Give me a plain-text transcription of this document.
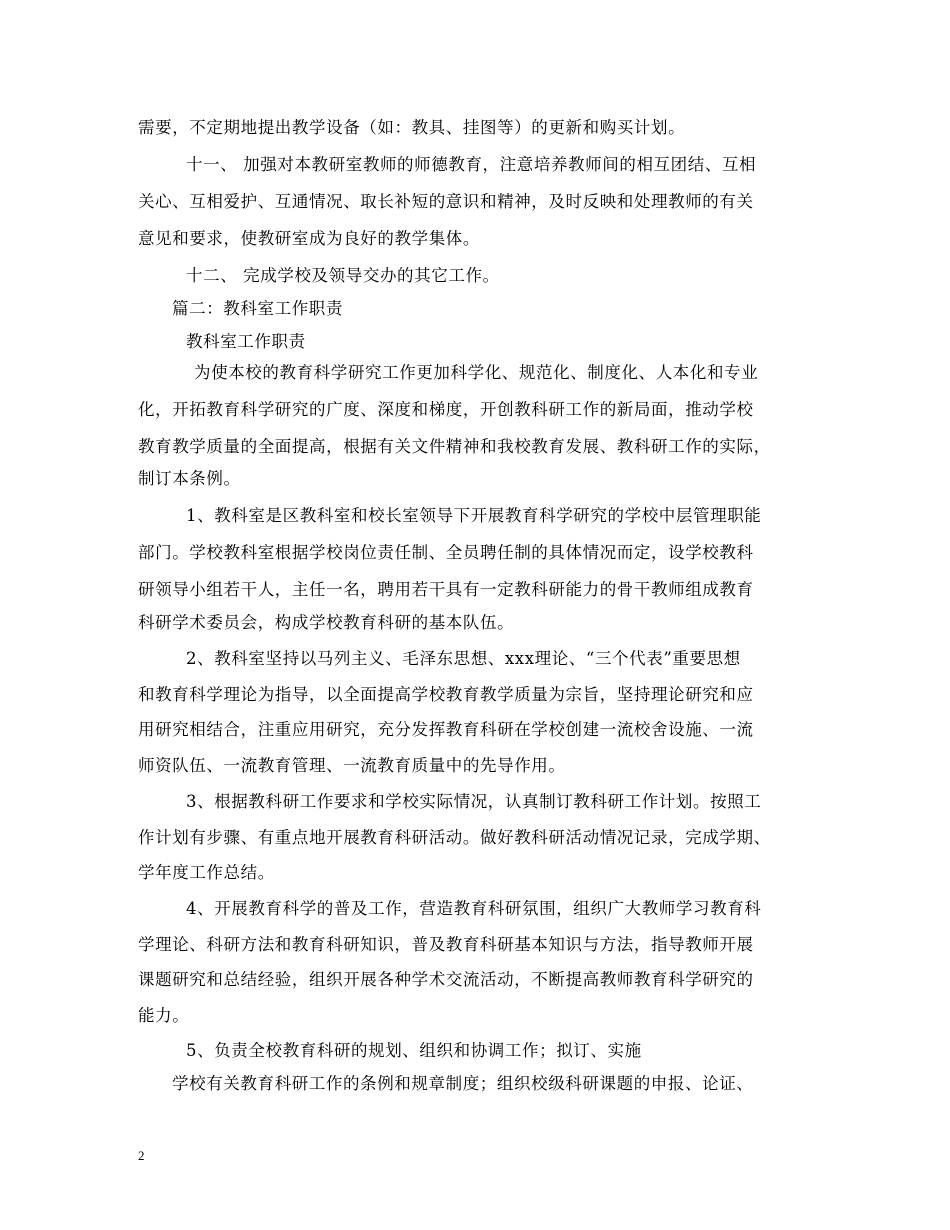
需要，不定期地提出教学设备（如：教具、挂图等）的更新和购买计划。
十一、 加强对本教研室教师的师德教育，注意培养教师间的相互团结、互相
关心、互相爱护、互通情况、取长补短的意识和精神，及时反映和处理教师的有关
意见和要求，使教研室成为良好的教学集体。
十二、 完成学校及领导交办的其它工作。
篇二：教科室工作职责
教科室工作职责
为使本校的教育科学研究工作更加科学化、规范化、制度化、人本化和专业
化，开拓教育科学研究的广度、深度和梯度，开创教科研工作的新局面，推动学校
教育教学质量的全面提高，根据有关文件精神和我校教育发展、教科研工作的实际，
制订本条例。
1、教科室是区教科室和校长室领导下开展教育科学研究的学校中层管理职能
部门。学校教科室根据学校岗位责任制、全员聘任制的具体情况而定，设学校教科
研领导小组若干人，主任一名，聘用若干具有一定教科研能力的骨干教师组成教育
科研学术委员会，构成学校教育科研的基本队伍。
2、教科室坚持以马列主义、毛泽东思想、xxx理论、“三个代表”重要思想
和教育科学理论为指导，以全面提高学校教育教学质量为宗旨，坚持理论研究和应
用研究相结合，注重应用研究，充分发挥教育科研在学校创建一流校舍设施、一流
师资队伍、一流教育管理、一流教育质量中的先导作用。
3、根据教科研工作要求和学校实际情况，认真制订教科研工作计划。按照工
作计划有步骤、有重点地开展教育科研活动。做好教科研活动情况记录，完成学期、
学年度工作总结。
4、开展教育科学的普及工作，营造教育科研氛围，组织广大教师学习教育科
学理论、科研方法和教育科研知识，普及教育科研基本知识与方法，指导教师开展
课题研究和总结经验，组织开展各种学术交流活动，不断提高教师教育科学研究的
能力。
5、负责全校教育科研的规划、组织和协调工作；拟订、实施
学校有关教育科研工作的条例和规章制度；组织校级科研课题的申报、论证、
2
